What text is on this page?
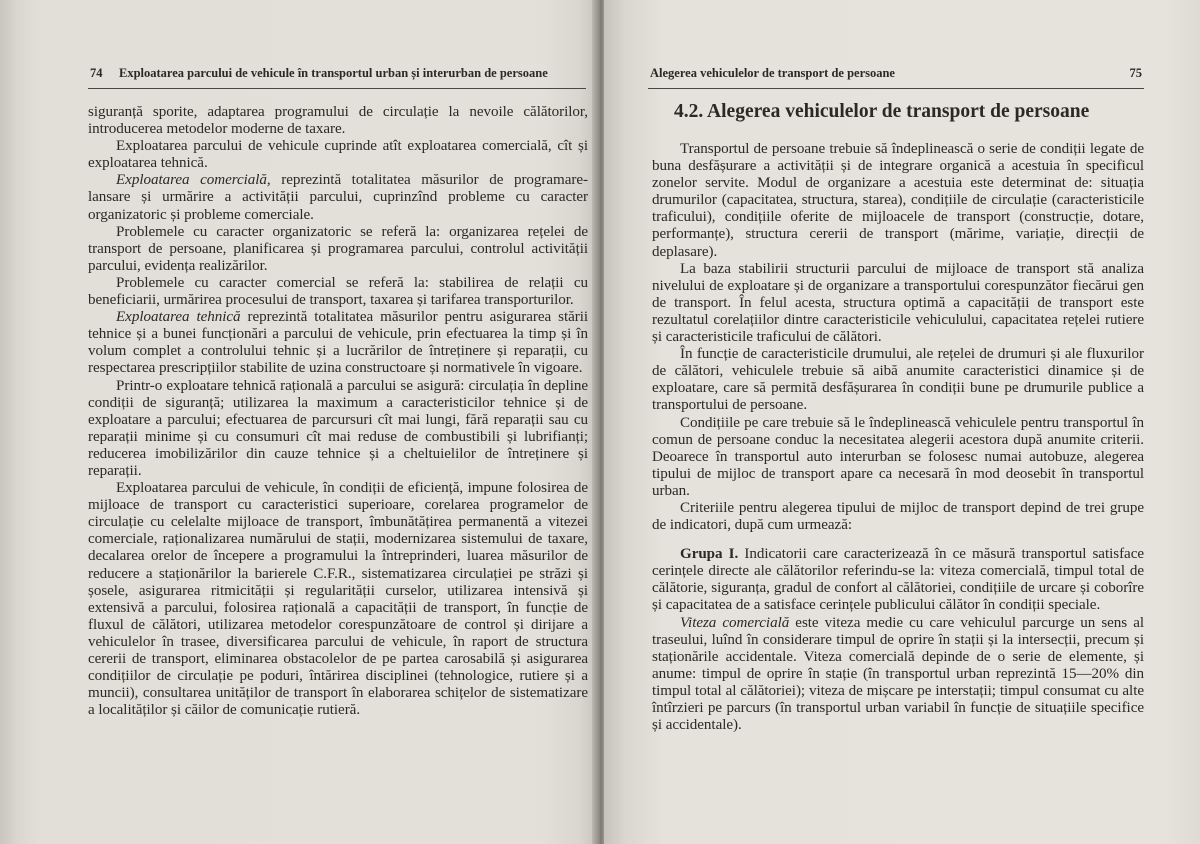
74 Exploatarea parcului de vehicule în transportul urban și interurban de persoane

siguranță sporite, adaptarea programului de circulație la nevoile călătorilor, introducerea metodelor moderne de taxare.

Exploatarea parcului de vehicule cuprinde atît exploatarea comercială, cît și exploatarea tehnică.

Exploatarea comercială, reprezintă totalitatea măsurilor de programare-lansare și urmărire a activității parcului, cuprinzînd probleme cu caracter organizatoric și probleme comerciale.

Problemele cu caracter organizatoric se referă la: organizarea rețelei de transport de persoane, planificarea și programarea parcului, controlul activității parcului, evidența realizărilor.

Problemele cu caracter comercial se referă la: stabilirea de relații cu beneficiarii, urmărirea procesului de transport, taxarea și tarifarea transporturilor.

Exploatarea tehnică reprezintă totalitatea măsurilor pentru asigurarea stării tehnice și a bunei funcționări a parcului de vehicule, prin efectuarea la timp și în volum complet a controlului tehnic și a lucrărilor de întreținere și reparații, cu respectarea prescripțiilor stabilite de uzina constructoare și normativele în vigoare.

Printr-o exploatare tehnică rațională a parcului se asigură: circulația în depline condiții de siguranță; utilizarea la maximum a caracteristicilor tehnice și de exploatare a parcului; efectuarea de parcursuri cît mai lungi, fără reparații sau cu reparații minime și cu consumuri cît mai reduse de combustibili și lubrifianți; reducerea imobilizărilor din cauze tehnice și a cheltuielilor de întreținere și reparații.

Exploatarea parcului de vehicule, în condiții de eficiență, impune folosirea de mijloace de transport cu caracteristici superioare, corelarea programelor de circulație cu celelalte mijloace de transport, îmbunătățirea permanentă a vitezei comerciale, raționalizarea numărului de stații, modernizarea sistemului de taxare, decalarea orelor de începere a programului la întreprinderi, luarea măsurilor de reducere a staționărilor la barierele C.F.R., sistematizarea circulației pe străzi și șosele, asigurarea ritmicității și regularității curselor, utilizarea intensivă și extensivă a parcului, folosirea rațională a capacității de transport, în funcție de fluxul de călători, utilizarea metodelor corespunzătoare de control și dirijare a vehiculelor în trasee, diversificarea parcului de vehicule, în raport de structura cererii de transport, eliminarea obstacolelor de pe partea carosabilă și asigurarea condițiilor de circulație pe poduri, întărirea disciplinei (tehnologice, rutiere și a muncii), consultarea unităților de transport în elaborarea schițelor de sistematizare a localităților și căilor de comunicație rutieră.

Alegerea vehiculelor de transport de persoane	75
4.2. Alegerea vehiculelor de transport de persoane

Transportul de persoane trebuie să îndeplinească o serie de condiții legate de buna desfășurare a activității și de integrare organică a acestuia în specificul zonelor servite. Modul de organizare a acestuia este determinat de: situația drumurilor (capacitatea, structura, starea), condițiile de circulație (caracteristicile traficului), condițiile oferite de mijloacele de transport (construcție, dotare, performanțe), structura cererii de transport (mărime, variație, direcții de deplasare).

La baza stabilirii structurii parcului de mijloace de transport stă analiza nivelului de exploatare și de organizare a transportului corespunzător fiecărui gen de transport. În felul acesta, structura optimă a capacității de transport este rezultatul corelațiilor dintre caracteristicile vehiculului, capacitatea rețelei rutiere și caracteristicile traficului de călători.

În funcție de caracteristicile drumului, ale rețelei de drumuri și ale fluxurilor de călători, vehiculele trebuie să aibă anumite caracteristici dinamice și de exploatare, care să permită desfășurarea în condiții bune pe drumurile publice a transportului de persoane.

Condițiile pe care trebuie să le îndeplinească vehiculele pentru transportul în comun de persoane conduc la necesitatea alegerii acestora după anumite criterii. Deoarece în transportul auto interurban se folosesc numai autobuze, alegerea tipului de mijloc de transport apare ca necesară în mod deosebit în transportul urban.

Criteriile pentru alegerea tipului de mijloc de transport depind de trei grupe de indicatori, după cum urmează:

Grupa I. Indicatorii care caracterizează în ce măsură transportul satisface cerințele directe ale călătorilor referindu-se la: viteza comercială, timpul total de călătorie, siguranța, gradul de confort al călătoriei, condițiile de urcare și coborîre și capacitatea de a satisface cerințele publicului călător în condiții speciale.

Viteza comercială este viteza medie cu care vehiculul parcurge un sens al traseului, luînd în considerare timpul de oprire în stații și la intersecții, precum și staționările accidentale. Viteza comercială depinde de o serie de elemente, și anume: timpul de oprire în stație (în transportul urban reprezintă 15—20% din timpul total al călătoriei); viteza de mișcare pe interstații; timpul consumat cu alte întîrzieri pe parcurs (în transportul urban variabil în funcție de situațiile specifice și accidentale).
